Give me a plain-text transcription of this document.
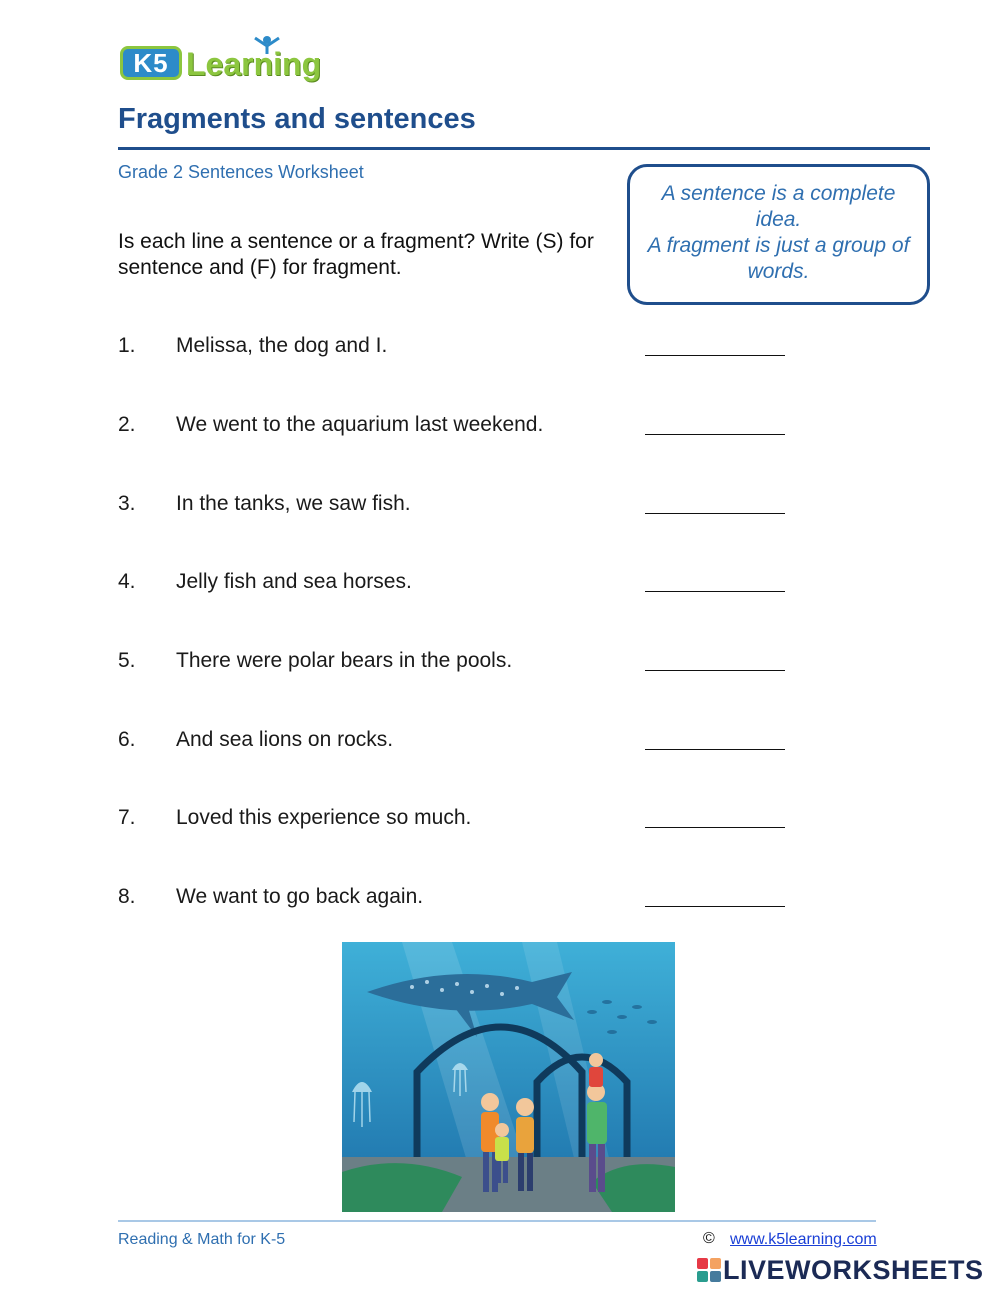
K5 Learning
Fragments and sentences
Grade 2 Sentences Worksheet
Is each line a sentence or a fragment? Write (S) for sentence and (F) for fragment.

A sentence is a complete idea.

A fragment is just a group of words.

1. Melissa, the dog and I.
2. We went to the aquarium last weekend.
3. In the tanks, we saw fish.
4. Jelly fish and sea horses.
5. There were polar bears in the pools.
6. And sea lions on rocks.
7. Loved this experience so much.
8. We want to go back again.
Reading & Math for K-5	© www.k5learning.com
LIVEWORKSHEETS
